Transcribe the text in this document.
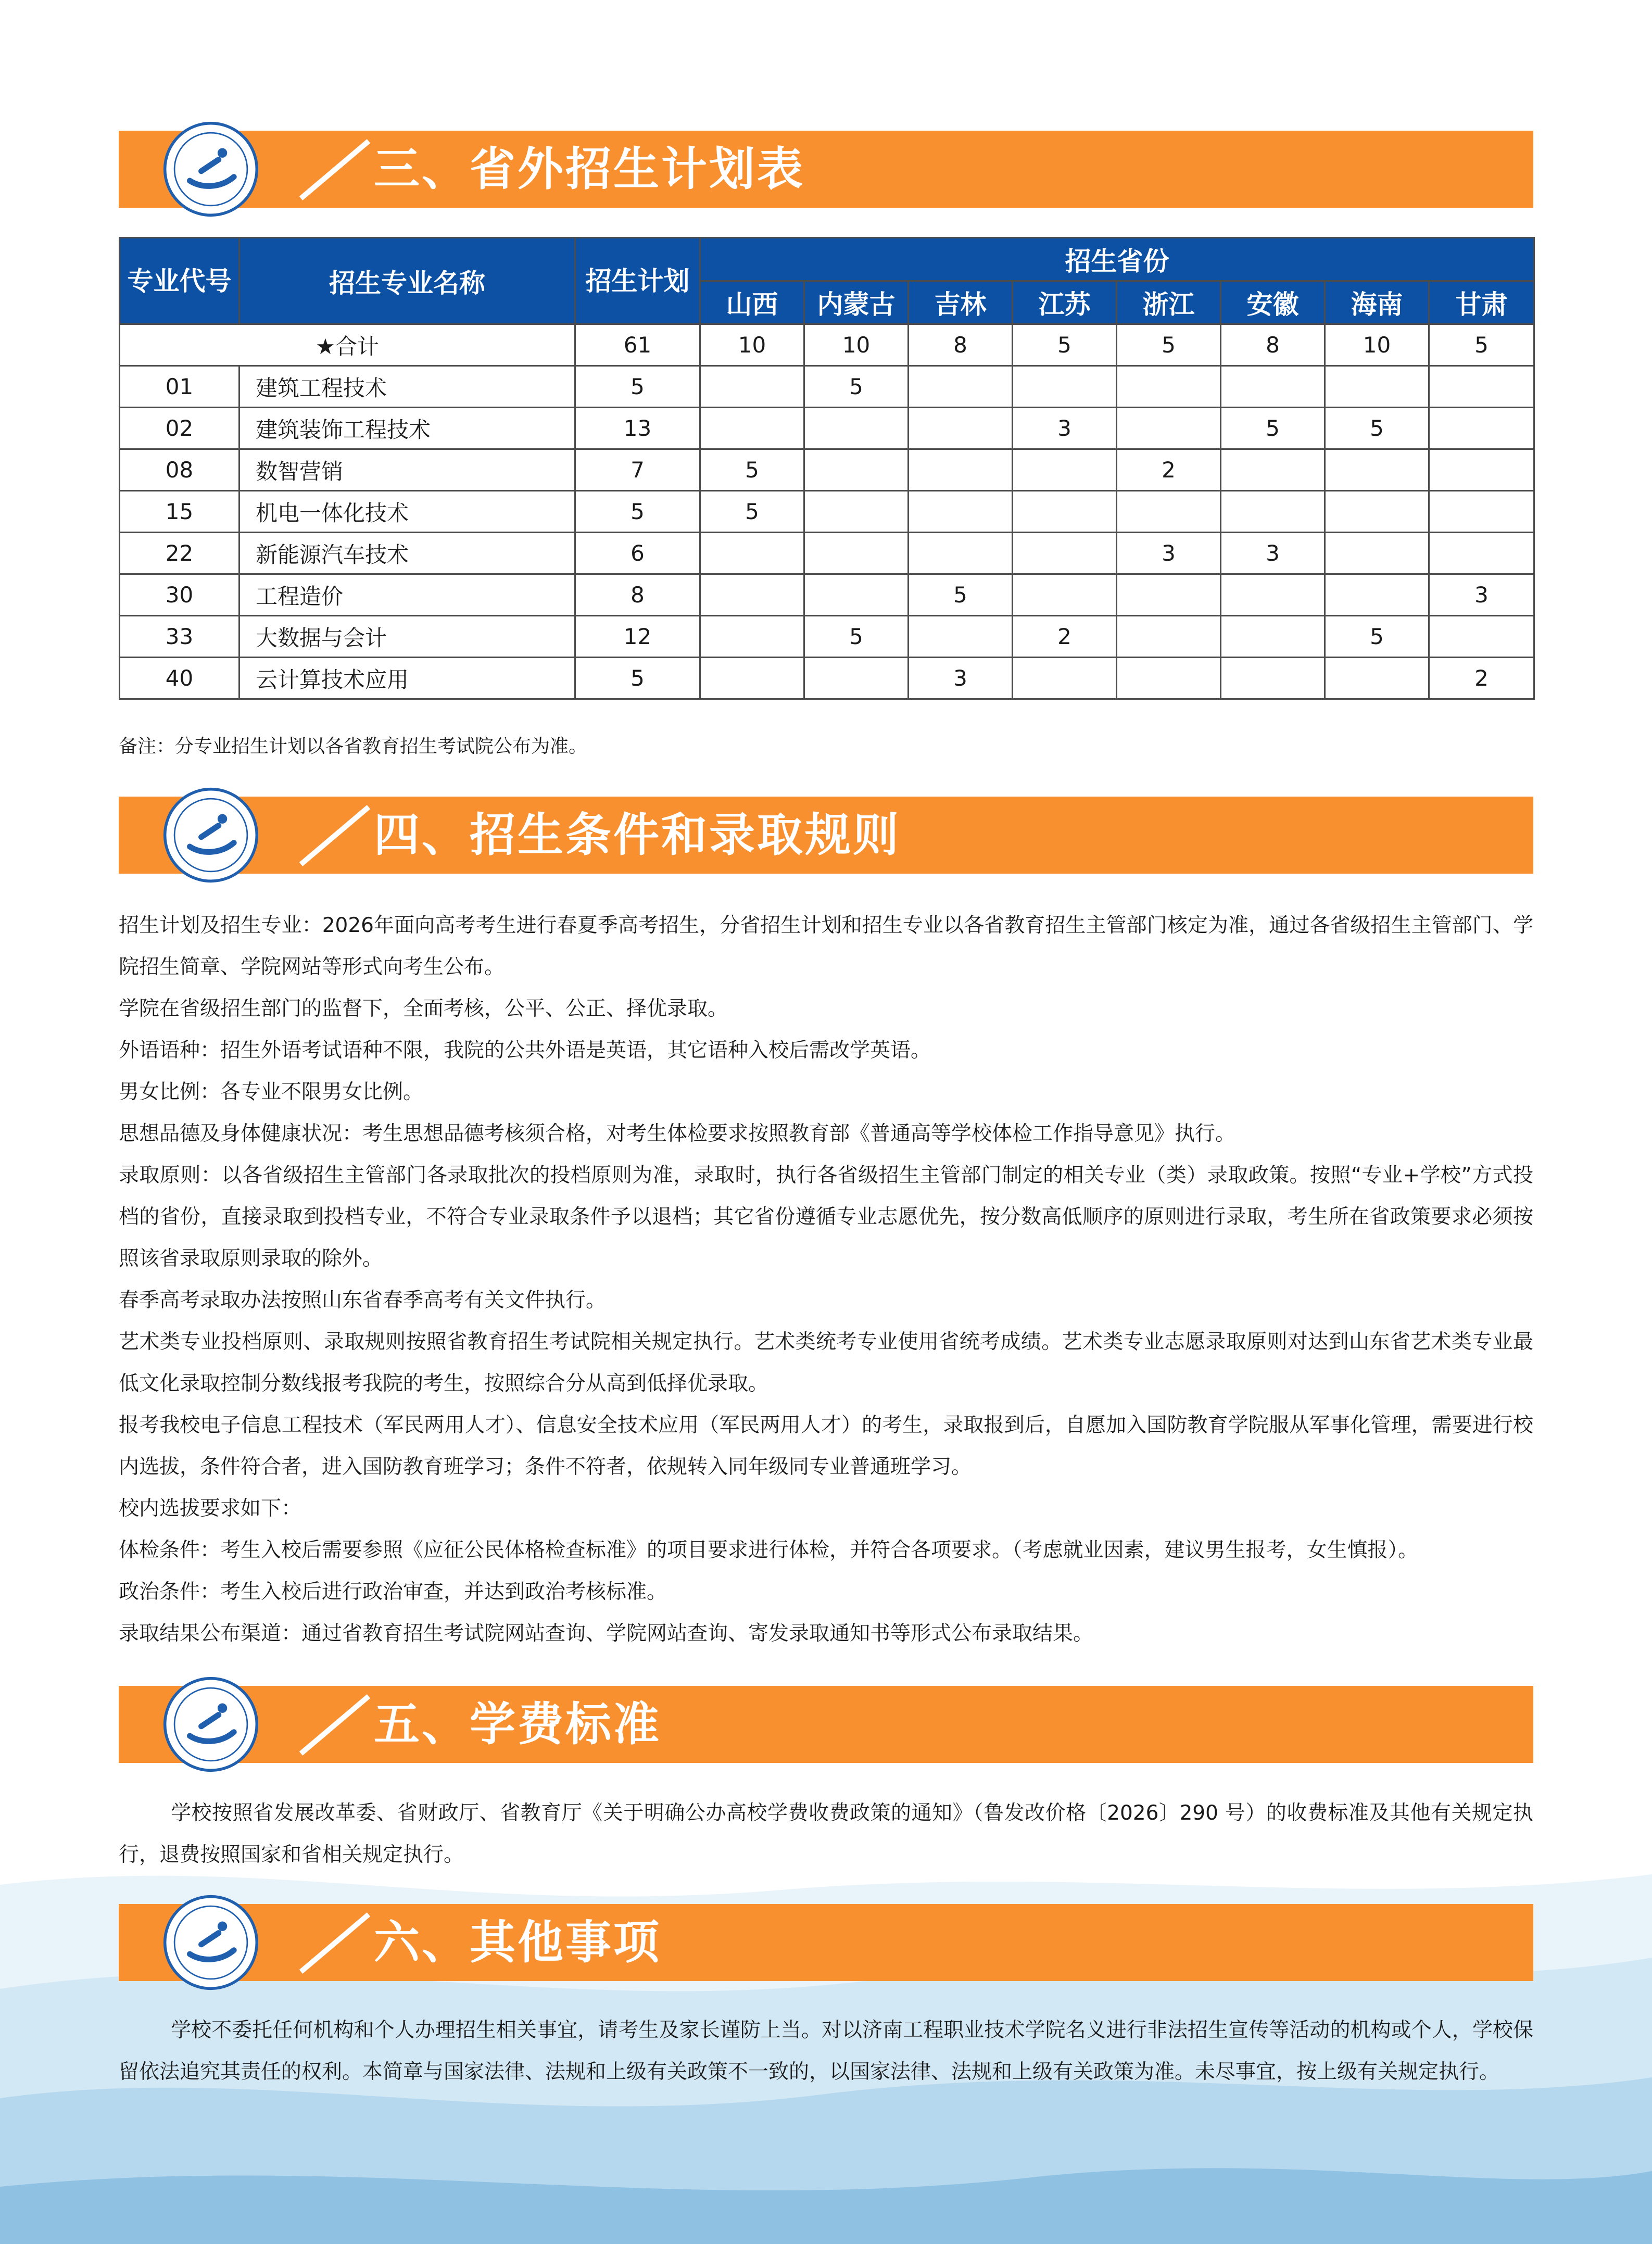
三、省外招生计划表
专业代号	招生专业名称	招生计划	招生省份							
			山西	内蒙古	吉林	江苏	浙江	安徽	海南	甘肃
★合计		61	10	10	8	5	5	8	10	5
01	建筑工程技术	5		5						
02	建筑装饰工程技术	13				3		5	5	
08	数智营销	7	5				2			
15	机电一体化技术	5	5							
22	新能源汽车技术	6					3	3		
30	工程造价	8			5					3
33	大数据与会计	12		5		2			5	
40	云计算技术应用	5			3					2
备注：分专业招生计划以各省教育招生考试院公布为准。
四、招生条件和录取规则

招生计划及招生专业：2026年面向高考考生进行春夏季高考招生，分省招生计划和招生专业以各省教育招生主管部门核定为准，通过各省级招生主管部门、学院招生简章、学院网站等形式向考生公布。

学院在省级招生部门的监督下，全面考核，公平、公正、择优录取。

外语语种：招生外语考试语种不限，我院的公共外语是英语，其它语种入校后需改学英语。

男女比例：各专业不限男女比例。

思想品德及身体健康状况：考生思想品德考核须合格，对考生体检要求按照教育部《普通高等学校体检工作指导意见》执行。

录取原则：以各省级招生主管部门各录取批次的投档原则为准，录取时，执行各省级招生主管部门制定的相关专业（类）录取政策。按照“专业+学校”方式投档的省份，直接录取到投档专业，不符合专业录取条件予以退档；其它省份遵循专业志愿优先，按分数高低顺序的原则进行录取，考生所在省政策要求必须按照该省录取原则录取的除外。

春季高考录取办法按照山东省春季高考有关文件执行。

艺术类专业投档原则、录取规则按照省教育招生考试院相关规定执行。艺术类统考专业使用省统考成绩。艺术类专业志愿录取原则对达到山东省艺术类专业最低文化录取控制分数线报考我院的考生，按照综合分从高到低择优录取。

报考我校电子信息工程技术（军民两用人才）、信息安全技术应用（军民两用人才）的考生，录取报到后，自愿加入国防教育学院服从军事化管理，需要进行校内选拔，条件符合者，进入国防教育班学习；条件不符者，依规转入同年级同专业普通班学习。

校内选拔要求如下：

体检条件：考生入校后需要参照《应征公民体格检查标准》的项目要求进行体检，并符合各项要求。（考虑就业因素，建议男生报考，女生慎报）。

政治条件：考生入校后进行政治审查，并达到政治考核标准。

录取结果公布渠道：通过省教育招生考试院网站查询、学院网站查询、寄发录取通知书等形式公布录取结果。

五、学费标准

学校按照省发展改革委、省财政厅、省教育厅《关于明确公办高校学费收费政策的通知》（鲁发改价格〔2026〕290 号）的收费标准及其他有关规定执行，退费按照国家和省相关规定执行。

六、其他事项

学校不委托任何机构和个人办理招生相关事宜，请考生及家长谨防上当。对以济南工程职业技术学院名义进行非法招生宣传等活动的机构或个人，学校保留依法追究其责任的权利。本简章与国家法律、法规和上级有关政策不一致的，以国家法律、法规和上级有关政策为准。未尽事宜，按上级有关规定执行。
